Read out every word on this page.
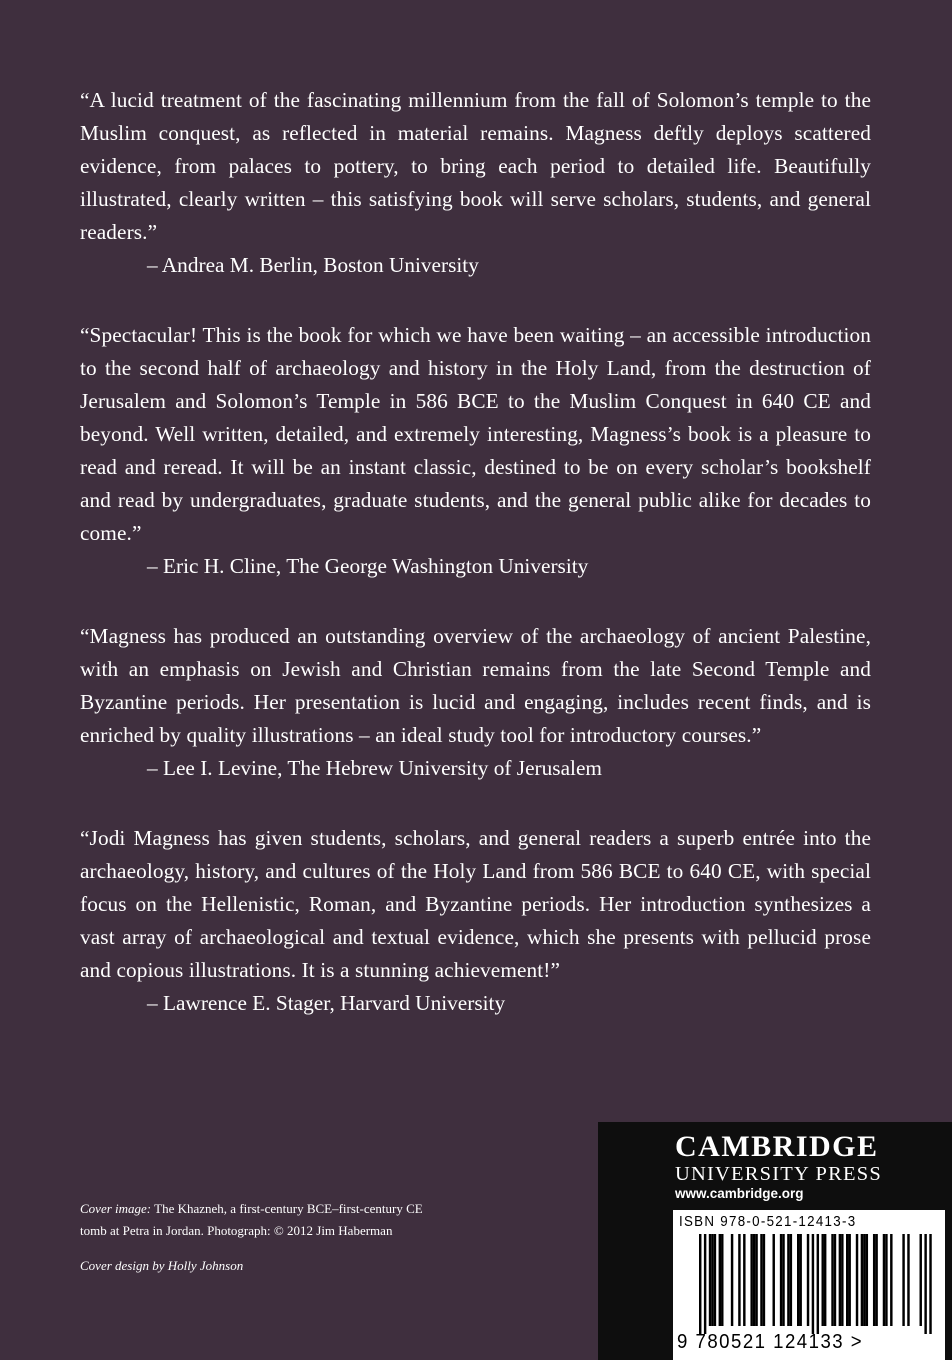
“A lucid treatment of the fascinating millennium from the fall of Solomon’s temple to the Muslim conquest, as reflected in material remains. Magness deftly deploys scattered evidence, from palaces to pottery, to bring each period to detailed life. Beautifully illustrated, clearly written – this satisfying book will serve scholars, students, and general readers.”

– Andrea M. Berlin, Boston University

“Spectacular! This is the book for which we have been waiting – an accessible introduction to the second half of archaeology and history in the Holy Land, from the destruction of Jerusalem and Solomon’s Temple in 586 BCE to the Muslim Conquest in 640 CE and beyond. Well written, detailed, and extremely interesting, Magness’s book is a pleasure to read and reread. It will be an instant classic, destined to be on every scholar’s bookshelf and read by undergraduates, graduate students, and the general public alike for decades to come.”

– Eric H. Cline, The George Washington University

“Magness has produced an outstanding overview of the archaeology of ancient Palestine, with an emphasis on Jewish and Christian remains from the late Second Temple and Byzantine periods. Her presentation is lucid and engaging, includes recent finds, and is enriched by quality illustrations – an ideal study tool for introductory courses.”

– Lee I. Levine, The Hebrew University of Jerusalem

“Jodi Magness has given students, scholars, and general readers a superb entrée into the archaeology, history, and cultures of the Holy Land from 586 BCE to 640 CE, with special focus on the Hellenistic, Roman, and Byzantine periods. Her introduction synthesizes a vast array of archaeological and textual evidence, which she presents with pellucid prose and copious illustrations. It is a stunning achievement!”

– Lawrence E. Stager, Harvard University

Cover image: The Khazneh, a first-century BCE–first-century CE

tomb at Petra in Jordan. Photograph: © 2012 Jim Haberman

Cover design by Holly Johnson

CAMBRIDGE
UNIVERSITY PRESS
www.cambridge.org
ISBN 978-0-521-12413-3
9 780521 124133 >
